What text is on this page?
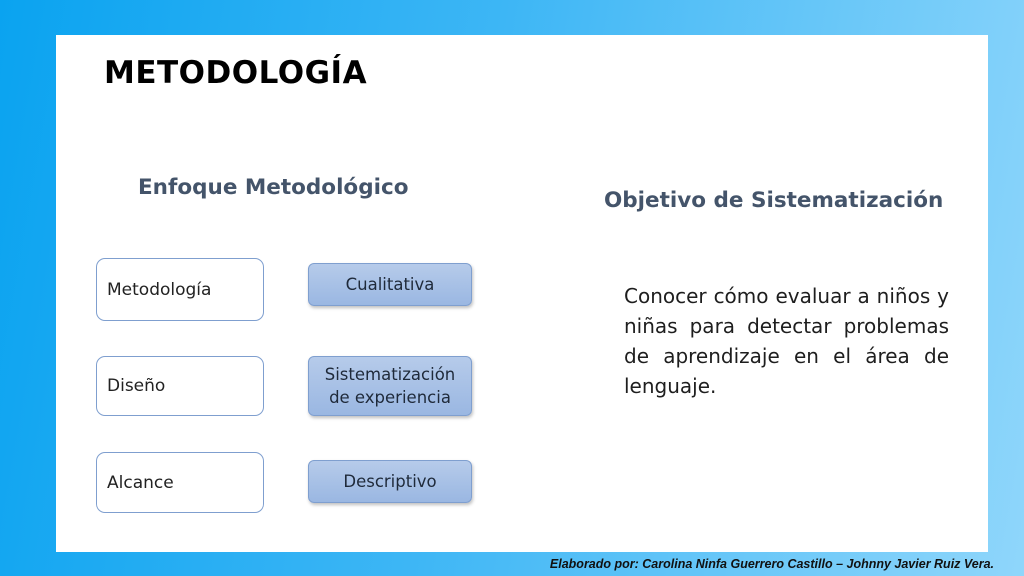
METODOLOGÍA
Enfoque Metodológico
Objetivo de Sistematización
Metodología	Cualitativa
Diseño
Sistematización de experiencia
Alcance	Descriptivo
Conocer cómo evaluar a niños y niñas para detectar problemas de aprendizaje en el área de lenguaje.
Elaborado por: Carolina Ninfa Guerrero Castillo – Johnny Javier Ruiz Vera.
